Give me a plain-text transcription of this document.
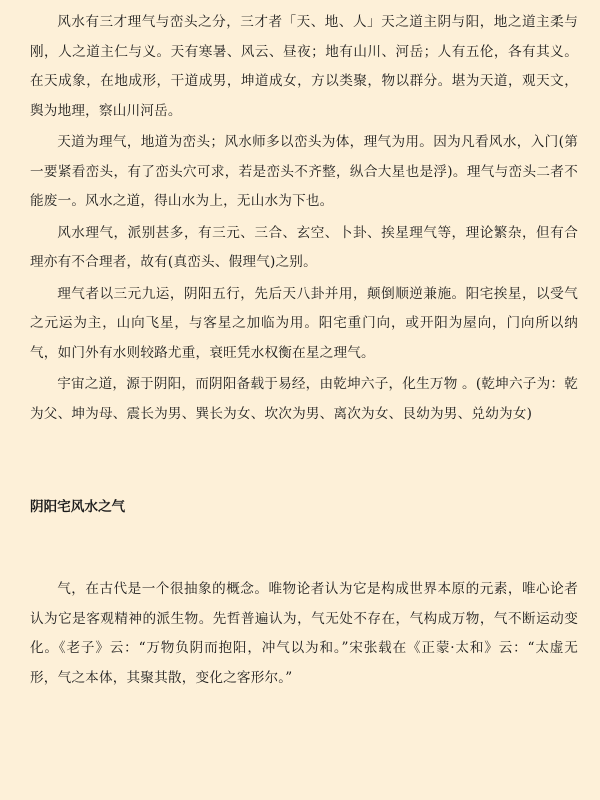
风水有三才理气与峦头之分，三才者「天、地、人」天之道主阴与阳，地之道主柔与刚，人之道主仁与义。天有寒暑、风云、昼夜；地有山川、河岳；人有五伦，各有其义。在天成象，在地成形，干道成男，坤道成女，方以类聚，物以群分。堪为天道，观天文，舆为地理，察山川河岳。

天道为理气，地道为峦头；风水师多以峦头为体，理气为用。因为凡看风水，入门(第一要紧看峦头，有了峦头穴可求，若是峦头不齐整，纵合大星也是浮)。理气与峦头二者不能废一。风水之道，得山水为上，无山水为下也。

风水理气，派别甚多，有三元、三合、玄空、卜卦、挨星理气等，理论繁杂，但有合理亦有不合理者，故有(真峦头、假理气)之别。

理气者以三元九运，阴阳五行，先后天八卦并用，颠倒顺逆兼施。阳宅挨星，以受气之元运为主，山向飞星，与客星之加临为用。阳宅重门向，或开阳为屋向，门向所以纳气，如门外有水则较路尤重，衰旺凭水权衡在星之理气。

宇宙之道，源于阴阳，而阴阳备载于易经，由乾坤六子，化生万物 。(乾坤六子为：乾为父、坤为母、震长为男、巽长为女、坎次为男、离次为女、艮幼为男、兑幼为女)

阴阳宅风水之气

气，在古代是一个很抽象的概念。唯物论者认为它是构成世界本原的元素，唯心论者认为它是客观精神的派生物。先哲普遍认为，气无处不存在，气构成万物，气不断运动变化。《老子》云：“万物负阴而抱阳，冲气以为和。”宋张载在《正蒙·太和》云：“太虚无形，气之本体，其聚其散，变化之客形尔。”
